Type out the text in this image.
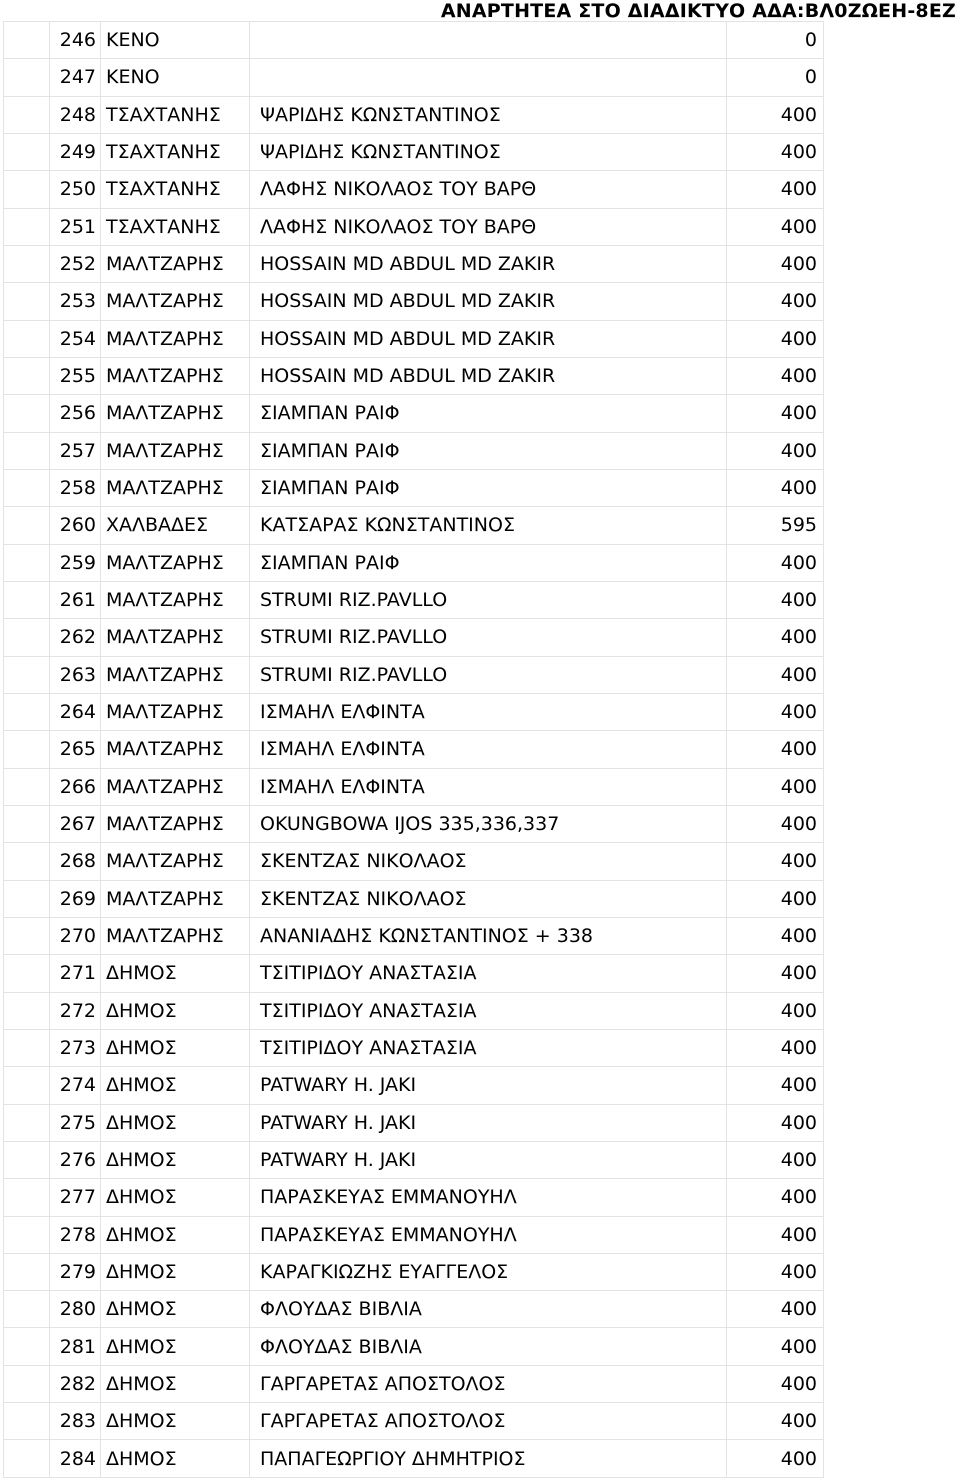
ΑΝΑΡΤΗΤΕΑ ΣΤΟ ΔΙΑΔΙΚΤΥΟ ΑΔΑ:ΒΛ0ΖΩΕΗ-8ΕΖ
	246	ΚΕΝΟ		0
	247	ΚΕΝΟ		0
	248	ΤΣΑΧΤΑΝΗΣ	ΨΑΡΙΔΗΣ ΚΩΝΣΤΑΝΤΙΝΟΣ	400
	249	ΤΣΑΧΤΑΝΗΣ	ΨΑΡΙΔΗΣ ΚΩΝΣΤΑΝΤΙΝΟΣ	400
	250	ΤΣΑΧΤΑΝΗΣ	ΛΑΦΗΣ ΝΙΚΟΛΑΟΣ ΤΟΥ ΒΑΡΘ	400
	251	ΤΣΑΧΤΑΝΗΣ	ΛΑΦΗΣ ΝΙΚΟΛΑΟΣ ΤΟΥ ΒΑΡΘ	400
	252	ΜΑΛΤΖΑΡΗΣ	HOSSAIN MD ABDUL MD ZAKIR	400
	253	ΜΑΛΤΖΑΡΗΣ	HOSSAIN MD ABDUL MD ZAKIR	400
	254	ΜΑΛΤΖΑΡΗΣ	HOSSAIN MD ABDUL MD ZAKIR	400
	255	ΜΑΛΤΖΑΡΗΣ	HOSSAIN MD ABDUL MD ZAKIR	400
	256	ΜΑΛΤΖΑΡΗΣ	ΣΙΑΜΠΑΝ ΡΑΙΦ	400
	257	ΜΑΛΤΖΑΡΗΣ	ΣΙΑΜΠΑΝ ΡΑΙΦ	400
	258	ΜΑΛΤΖΑΡΗΣ	ΣΙΑΜΠΑΝ ΡΑΙΦ	400
	260	ΧΑΛΒΑΔΕΣ	ΚΑΤΣΑΡΑΣ ΚΩΝΣΤΑΝΤΙΝΟΣ	595
	259	ΜΑΛΤΖΑΡΗΣ	ΣΙΑΜΠΑΝ ΡΑΙΦ	400
	261	ΜΑΛΤΖΑΡΗΣ	STRUMI RIZ.PAVLLO	400
	262	ΜΑΛΤΖΑΡΗΣ	STRUMI RIZ.PAVLLO	400
	263	ΜΑΛΤΖΑΡΗΣ	STRUMI RIZ.PAVLLO	400
	264	ΜΑΛΤΖΑΡΗΣ	ΙΣΜΑΗΛ ΕΛΦΙΝΤΑ	400
	265	ΜΑΛΤΖΑΡΗΣ	ΙΣΜΑΗΛ ΕΛΦΙΝΤΑ	400
	266	ΜΑΛΤΖΑΡΗΣ	ΙΣΜΑΗΛ ΕΛΦΙΝΤΑ	400
	267	ΜΑΛΤΖΑΡΗΣ	OKUNGBOWA IJOS 335,336,337	400
	268	ΜΑΛΤΖΑΡΗΣ	ΣΚΕΝΤΖΑΣ ΝΙΚΟΛΑΟΣ	400
	269	ΜΑΛΤΖΑΡΗΣ	ΣΚΕΝΤΖΑΣ ΝΙΚΟΛΑΟΣ	400
	270	ΜΑΛΤΖΑΡΗΣ	ΑΝΑΝΙΑΔΗΣ ΚΩΝΣΤΑΝΤΙΝΟΣ + 338	400
	271	ΔΗΜΟΣ	ΤΣΙΤΙΡΙΔΟΥ ΑΝΑΣΤΑΣΙΑ	400
	272	ΔΗΜΟΣ	ΤΣΙΤΙΡΙΔΟΥ ΑΝΑΣΤΑΣΙΑ	400
	273	ΔΗΜΟΣ	ΤΣΙΤΙΡΙΔΟΥ ΑΝΑΣΤΑΣΙΑ	400
	274	ΔΗΜΟΣ	PATWARY H. JAKI	400
	275	ΔΗΜΟΣ	PATWARY H. JAKI	400
	276	ΔΗΜΟΣ	PATWARY H. JAKI	400
	277	ΔΗΜΟΣ	ΠΑΡΑΣΚΕΥΑΣ ΕΜΜΑΝΟΥΗΛ	400
	278	ΔΗΜΟΣ	ΠΑΡΑΣΚΕΥΑΣ ΕΜΜΑΝΟΥΗΛ	400
	279	ΔΗΜΟΣ	ΚΑΡΑΓΚΙΩΖΗΣ ΕΥΑΓΓΕΛΟΣ	400
	280	ΔΗΜΟΣ	ΦΛΟΥΔΑΣ ΒΙΒΛΙΑ	400
	281	ΔΗΜΟΣ	ΦΛΟΥΔΑΣ ΒΙΒΛΙΑ	400
	282	ΔΗΜΟΣ	ΓΑΡΓΑΡΕΤΑΣ ΑΠΟΣΤΟΛΟΣ	400
	283	ΔΗΜΟΣ	ΓΑΡΓΑΡΕΤΑΣ ΑΠΟΣΤΟΛΟΣ	400
	284	ΔΗΜΟΣ	ΠΑΠΑΓΕΩΡΓΙΟΥ ΔΗΜΗΤΡΙΟΣ	400
